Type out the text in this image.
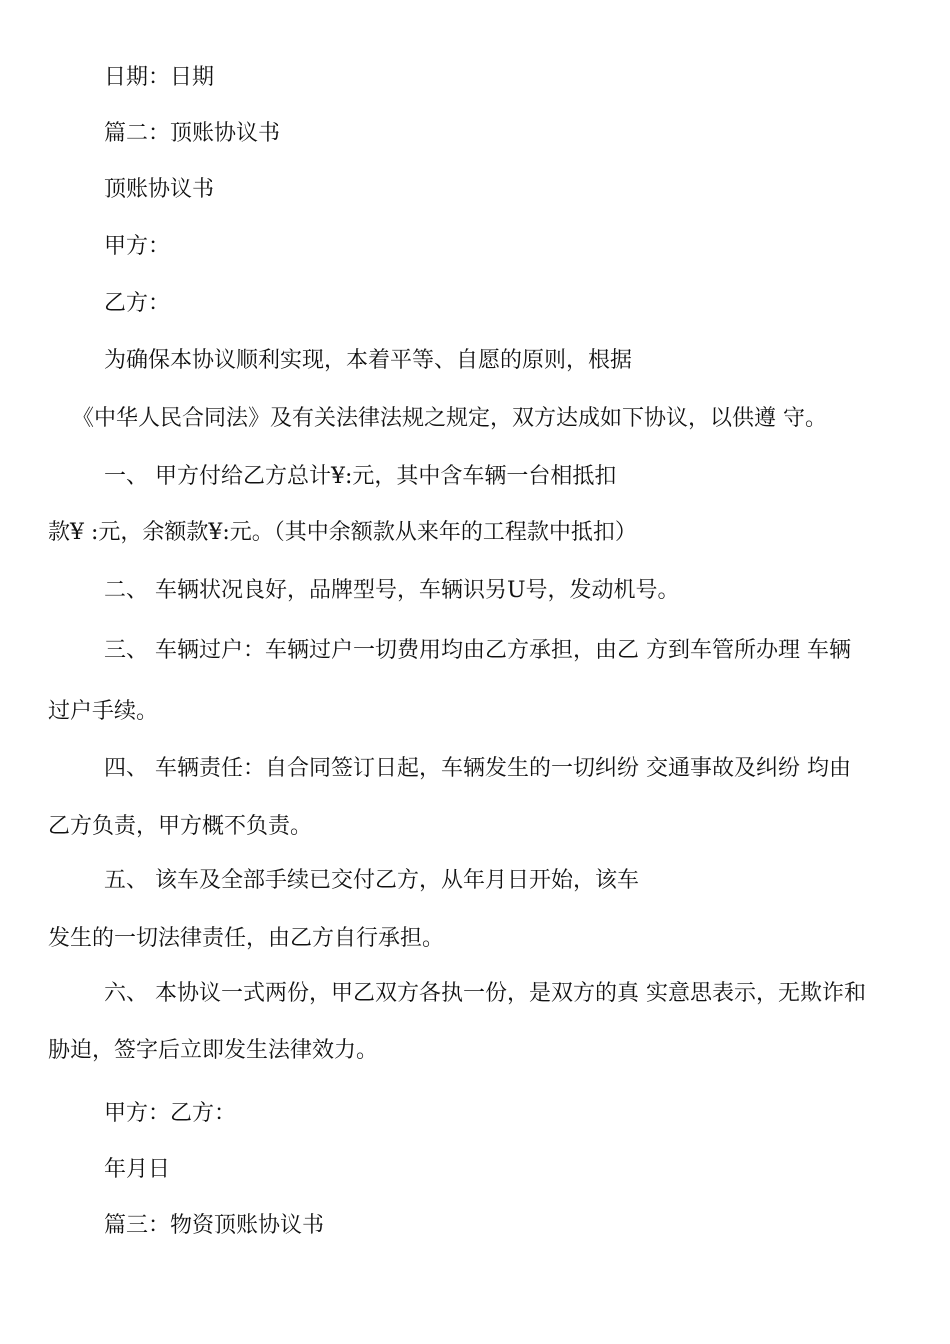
日期：日期

篇二：顶账协议书

顶账协议书

甲方：

乙方：

为确保本协议顺利实现，本着平等、自愿的原则，根据

《中华人民合同法》及有关法律法规之规定，双方达成如下协议，以供遵 守。

一、 甲方付给乙方总计¥:元，其中含车辆一台相抵扣

款¥ :元，余额款¥:元。（其中余额款从来年的工程款中抵扣）

二、 车辆状况良好，品牌型号，车辆识另U号，发动机号。

三、 车辆过户：车辆过户一切费用均由乙方承担，由乙 方到车管所办理 车辆

过户手续。

四、 车辆责任：自合同签订日起，车辆发生的一切纠纷 交通事故及纠纷 均由

乙方负责，甲方概不负责。

五、 该车及全部手续已交付乙方，从年月日开始，该车

发生的一切法律责任，由乙方自行承担。

六、 本协议一式两份，甲乙双方各执一份，是双方的真 实意思表示，无欺诈和

胁迫，签字后立即发生法律效力。

甲方：乙方：

年月日

篇三：物资顶账协议书
